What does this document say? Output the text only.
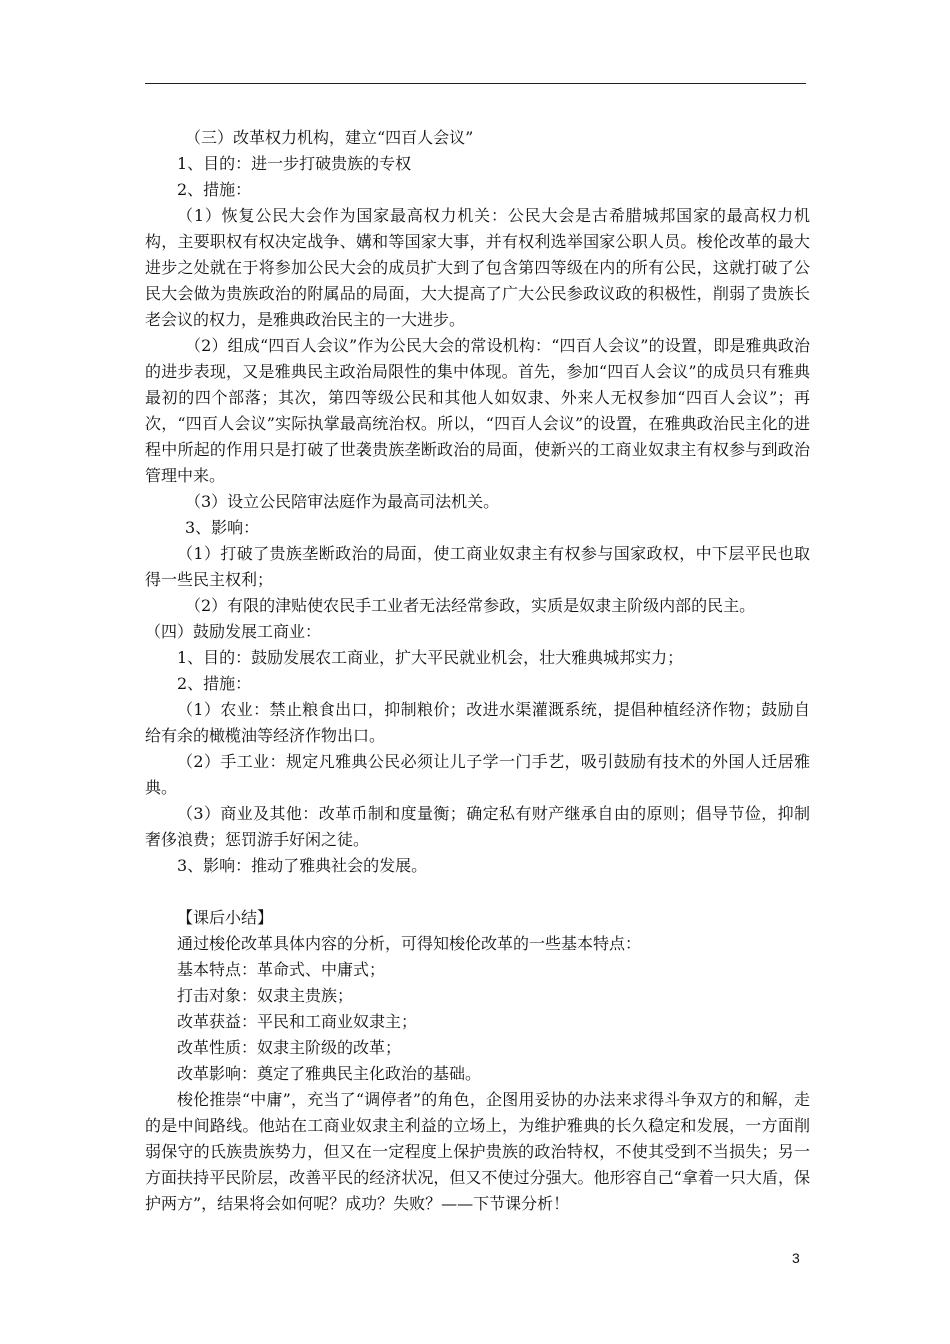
（三）改革权力机构，建立“四百人会议”

1、目的：进一步打破贵族的专权

2、措施：

（1）恢复公民大会作为国家最高权力机关：公民大会是古希腊城邦国家的最高权力机构，主要职权有权决定战争、媾和等国家大事，并有权利选举国家公职人员。梭伦改革的最大进步之处就在于将参加公民大会的成员扩大到了包含第四等级在内的所有公民，这就打破了公民大会做为贵族政治的附属品的局面，大大提高了广大公民参政议政的积极性，削弱了贵族长老会议的权力，是雅典政治民主的一大进步。

（2）组成“四百人会议”作为公民大会的常设机构：“四百人会议”的设置，即是雅典政治的进步表现，又是雅典民主政治局限性的集中体现。首先，参加“四百人会议”的成员只有雅典最初的四个部落；其次，第四等级公民和其他人如奴隶、外来人无权参加“四百人会议”；再次，“四百人会议”实际执掌最高统治权。所以，“四百人会议”的设置，在雅典政治民主化的进程中所起的作用只是打破了世袭贵族垄断政治的局面，使新兴的工商业奴隶主有权参与到政治管理中来。

（3）设立公民陪审法庭作为最高司法机关。

3、影响：

（1）打破了贵族垄断政治的局面，使工商业奴隶主有权参与国家政权，中下层平民也取得一些民主权利；

（2）有限的津贴使农民手工业者无法经常参政，实质是奴隶主阶级内部的民主。

（四）鼓励发展工商业：

1、目的：鼓励发展农工商业，扩大平民就业机会，壮大雅典城邦实力；

2、措施：

（1）农业：禁止粮食出口，抑制粮价；改进水渠灌溉系统，提倡种植经济作物；鼓励自给有余的橄榄油等经济作物出口。

（2）手工业：规定凡雅典公民必须让儿子学一门手艺，吸引鼓励有技术的外国人迁居雅典。

（3）商业及其他：改革币制和度量衡；确定私有财产继承自由的原则；倡导节俭，抑制奢侈浪费；惩罚游手好闲之徒。

3、影响：推动了雅典社会的发展。

【课后小结】

通过梭伦改革具体内容的分析，可得知梭伦改革的一些基本特点：

基本特点：革命式、中庸式；

打击对象：奴隶主贵族；

改革获益：平民和工商业奴隶主；

改革性质：奴隶主阶级的改革；

改革影响：奠定了雅典民主化政治的基础。

梭伦推崇“中庸”，充当了“调停者”的角色，企图用妥协的办法来求得斗争双方的和解，走的是中间路线。他站在工商业奴隶主利益的立场上，为维护雅典的长久稳定和发展，一方面削弱保守的氏族贵族势力，但又在一定程度上保护贵族的政治特权，不使其受到不当损失；另一方面扶持平民阶层，改善平民的经济状况，但又不使过分强大。他形容自己“拿着一只大盾，保护两方”，结果将会如何呢？成功？失败？——下节课分析！

3
